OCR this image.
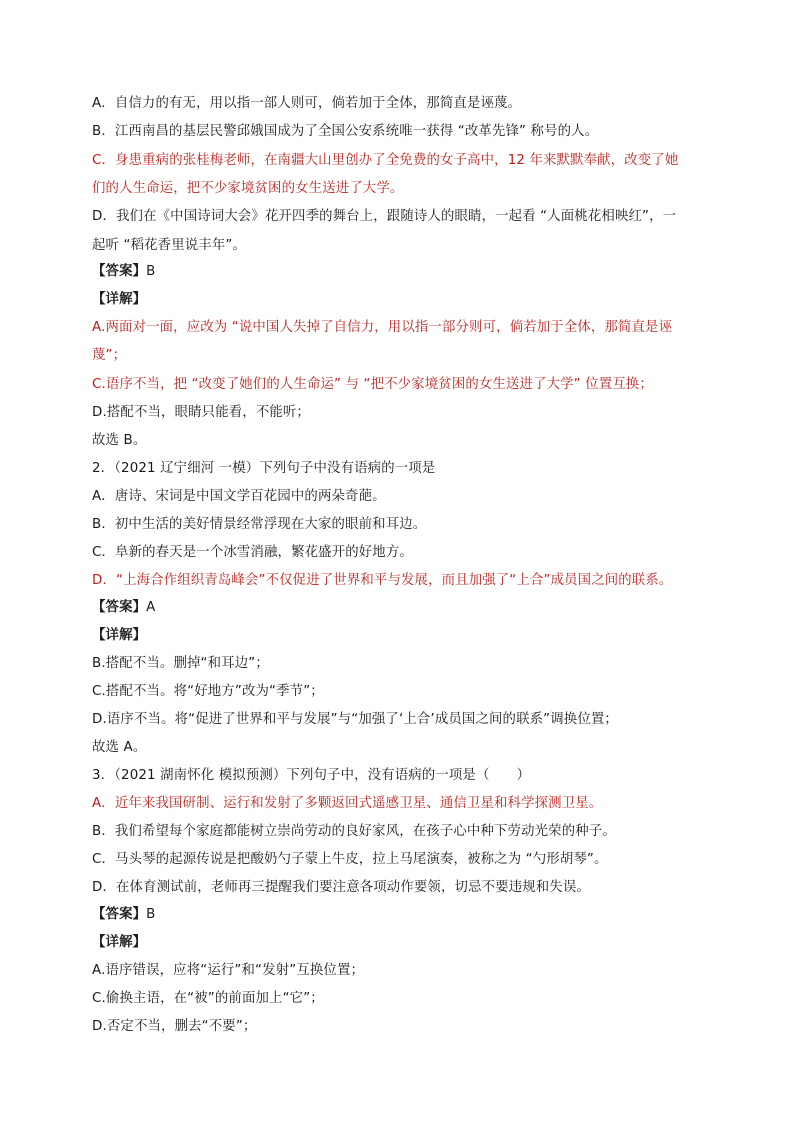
A．自信力的有无，用以指一部人则可，倘若加于全体，那简直是诬蔑。
B．江西南昌的基层民警邱娥国成为了全国公安系统唯一获得 “改革先锋” 称号的人。
C．身患重病的张桂梅老师，在南疆大山里创办了全免费的女子高中，12 年来默默奉献，改变了她
们的人生命运，把不少家境贫困的女生送进了大学。
D．我们在《中国诗词大会》花开四季的舞台上，跟随诗人的眼睛，一起看 “人面桃花相映红”，一
起听 “稻花香里说丰年”。
【答案】B
【详解】
A.两面对一面，应改为 “说中国人失掉了自信力，用以指一部分则可，倘若加于全体，那简直是诬
蔑”；
C.语序不当，把 “改变了她们的人生命运” 与 “把不少家境贫困的女生送进了大学” 位置互换；
D.搭配不当，眼睛只能看，不能听；
故选 B。
2．（2021 辽宁细河 一模）下列句子中没有语病的一项是
A．唐诗、宋词是中国文学百花园中的两朵奇葩。
B．初中生活的美好情景经常浮现在大家的眼前和耳边。
C．阜新的春天是一个冰雪消融，繁花盛开的好地方。
D．“上海合作组织青岛峰会”不仅促进了世界和平与发展，而且加强了“上合”成员国之间的联系。
【答案】A
【详解】
B.搭配不当。删掉“和耳边”；
C.搭配不当。将“好地方”改为“季节”；
D.语序不当。将“促进了世界和平与发展”与“加强了‘上合’成员国之间的联系”调换位置；
故选 A。
3．（2021 湖南怀化 模拟预测）下列句子中，没有语病的一项是（　　）
A．近年来我国研制、运行和发射了多颗返回式遥感卫星、通信卫星和科学探测卫星。
B．我们希望每个家庭都能树立崇尚劳动的良好家风，在孩子心中种下劳动光荣的种子。
C．马头琴的起源传说是把酸奶勺子蒙上牛皮，拉上马尾演奏，被称之为 “勺形胡琴”。
D．在体育测试前，老师再三提醒我们要注意各项动作要领，切忌不要违规和失误。
【答案】B
【详解】
A.语序错误，应将“运行”和“发射”互换位置；
C.偷换主语，在“被”的前面加上“它”；
D.否定不当，删去“不要”；
